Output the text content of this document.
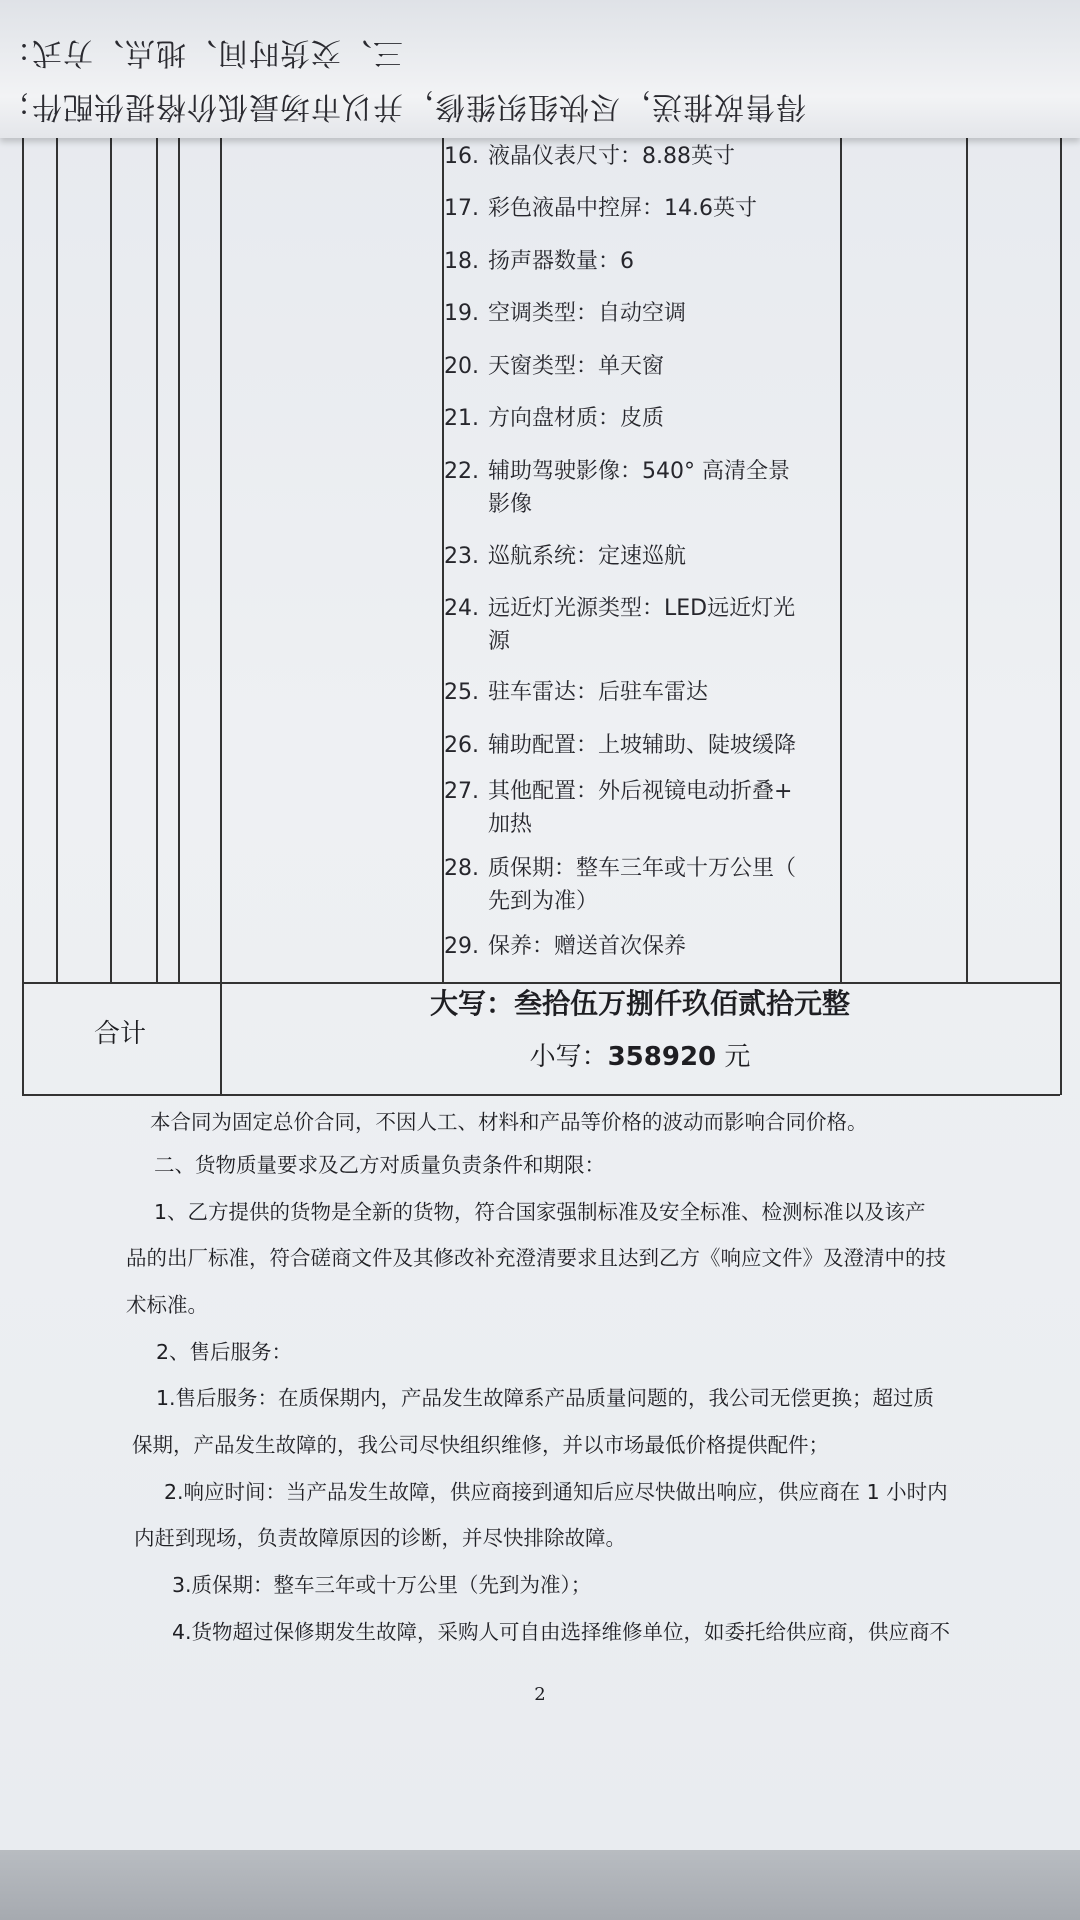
得售故推送，尽快组织维修，并以市场最低价格提供配件；
三、交货时间、地点、方式：
16. 液晶仪表尺寸：8.88英寸
17. 彩色液晶中控屏：14.6英寸
18. 扬声器数量：6
19. 空调类型：自动空调
20. 天窗类型：单天窗
21. 方向盘材质：皮质
22. 辅助驾驶影像：540° 高清全景
影像
23. 巡航系统：定速巡航
24. 远近灯光源类型：LED远近灯光
源
25. 驻车雷达：后驻车雷达
26. 辅助配置：上坡辅助、陡坡缓降
27. 其他配置：外后视镜电动折叠+
加热
28. 质保期：整车三年或十万公里（
先到为准）
29. 保养：赠送首次保养
合计
大写：叁拾伍万捌仟玖佰贰拾元整
小写：358920 元
本合同为固定总价合同，不因人工、材料和产品等价格的波动而影响合同价格。
二、货物质量要求及乙方对质量负责条件和期限：
1、乙方提供的货物是全新的货物，符合国家强制标准及安全标准、检测标准以及该产
品的出厂标准，符合磋商文件及其修改补充澄清要求且达到乙方《响应文件》及澄清中的技
术标准。
2、售后服务：
1.售后服务：在质保期内，产品发生故障系产品质量问题的，我公司无偿更换；超过质
保期，产品发生故障的，我公司尽快组织维修，并以市场最低价格提供配件；
2.响应时间：当产品发生故障，供应商接到通知后应尽快做出响应，供应商在 1 小时内
内赶到现场，负责故障原因的诊断，并尽快排除故障。
3.质保期：整车三年或十万公里（先到为准）；
4.货物超过保修期发生故障，采购人可自由选择维修单位，如委托给供应商，供应商不
2
